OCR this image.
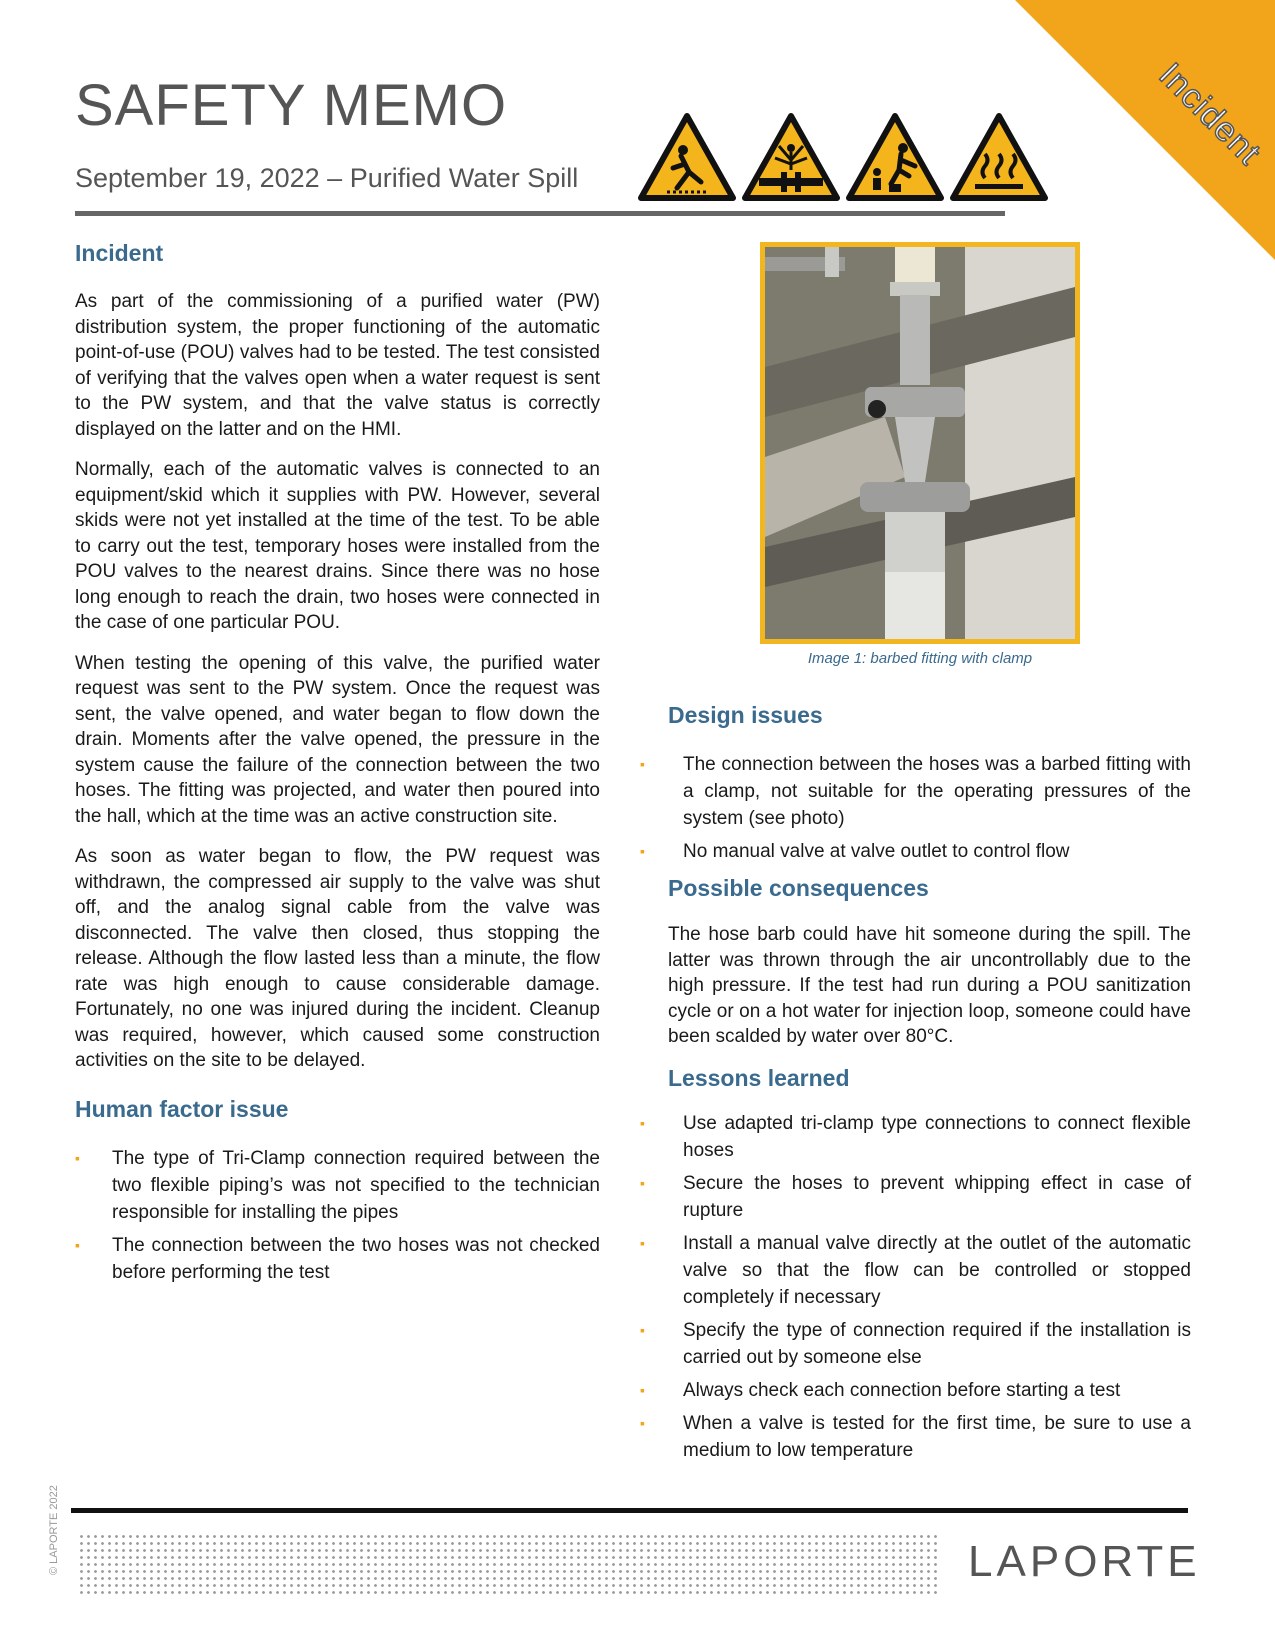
Incident
SAFETY MEMO
September 19, 2022 – Purified Water Spill
Incident

As part of the commissioning of a purified water (PW) distribution system, the proper functioning of the automatic point-of-use (POU) valves had to be tested. The test consisted of verifying that the valves open when a water request is sent to the PW system, and that the valve status is correctly displayed on the latter and on the HMI.

Normally, each of the automatic valves is connected to an equipment/skid which it supplies with PW. However, several skids were not yet installed at the time of the test. To be able to carry out the test, temporary hoses were installed from the POU valves to the nearest drains. Since there was no hose long enough to reach the drain, two hoses were connected in the case of one particular POU.

When testing the opening of this valve, the purified water request was sent to the PW system. Once the request was sent, the valve opened, and water began to flow down the drain. Moments after the valve opened, the pressure in the system cause the failure of the connection between the two hoses. The fitting was projected, and water then poured into the hall, which at the time was an active construction site.

As soon as water began to flow, the PW request was withdrawn, the compressed air supply to the valve was shut off, and the analog signal cable from the valve was disconnected. The valve then closed, thus stopping the release. Although the flow lasted less than a minute, the flow rate was high enough to cause considerable damage. Fortunately, no one was injured during the incident. Cleanup was required, however, which caused some construction activities on the site to be delayed.

Human factor issue
▪ The type of Tri-Clamp connection required between the two flexible piping’s was not specified to the technician responsible for installing the pipes
▪ The connection between the two hoses was not checked before performing the test
Image 1: barbed fitting with clamp
Design issues
▪ The connection between the hoses was a barbed fitting with a clamp, not suitable for the operating pressures of the system (see photo)
▪ No manual valve at valve outlet to control flow
Possible consequences

The hose barb could have hit someone during the spill. The latter was thrown through the air uncontrollably due to the high pressure. If the test had run during a POU sanitization cycle or on a hot water for injection loop, someone could have been scalded by water over 80°C.

Lessons learned
▪ Use adapted tri-clamp type connections to connect flexible hoses
▪ Secure the hoses to prevent whipping effect in case of rupture
▪ Install a manual valve directly at the outlet of the automatic valve so that the flow can be controlled or stopped completely if necessary
▪ Specify the type of connection required if the installation is carried out by someone else
▪ Always check each connection before starting a test
▪ When a valve is tested for the first time, be sure to use a medium to low temperature
LAPORTE
© LAPORTE 2022
